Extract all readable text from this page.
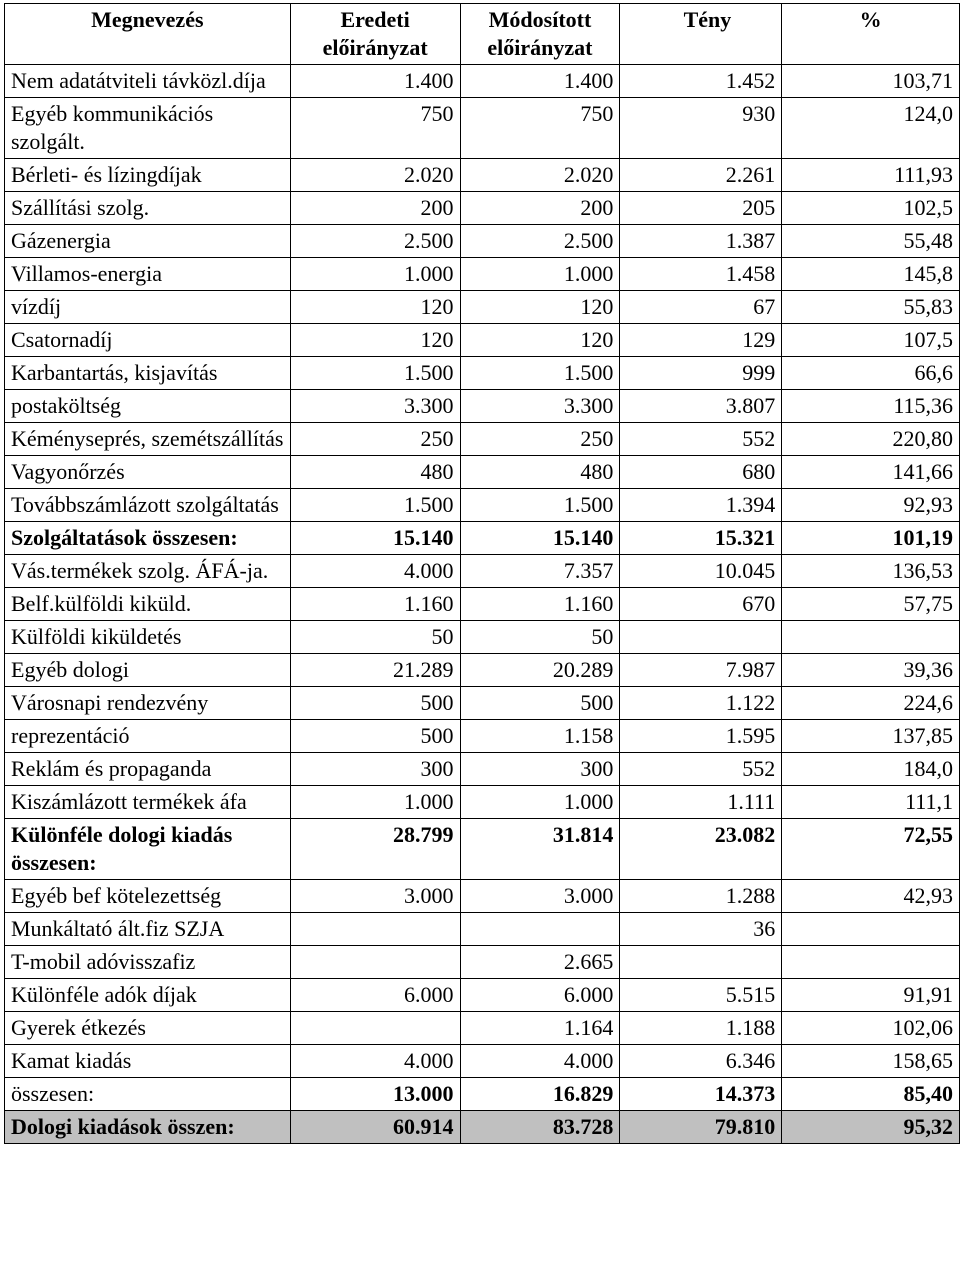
Megnevezés	Eredeti előirányzat	Módosított előirányzat	Tény	%
Nem adatátviteli távközl.díja	1.400	1.400	1.452	103,71
Egyéb kommunikációs szolgált.	750	750	930	124,0
Bérleti- és lízingdíjak	2.020	2.020	2.261	111,93
Szállítási szolg.	200	200	205	102,5
Gázenergia	2.500	2.500	1.387	55,48
Villamos-energia	1.000	1.000	1.458	145,8
vízdíj	120	120	67	55,83
Csatornadíj	120	120	129	107,5
Karbantartás, kisjavítás	1.500	1.500	999	66,6
postaköltség	3.300	3.300	3.807	115,36
Kéményseprés, szemétszállítás	250	250	552	220,80
Vagyonőrzés	480	480	680	141,66
Továbbszámlázott szolgáltatás	1.500	1.500	1.394	92,93
Szolgáltatások összesen:	15.140	15.140	15.321	101,19
Vás.termékek szolg. ÁFÁ-ja.	4.000	7.357	10.045	136,53
Belf.külföldi kiküld.	1.160	1.160	670	57,75
Külföldi kiküldetés	50	50		
Egyéb dologi	21.289	20.289	7.987	39,36
Városnapi rendezvény	500	500	1.122	224,6
reprezentáció	500	1.158	1.595	137,85
Reklám és propaganda	300	300	552	184,0
Kiszámlázott termékek áfa	1.000	1.000	1.111	111,1
Különféle dologi kiadás összesen:	28.799	31.814	23.082	72,55
Egyéb bef kötelezettség	3.000	3.000	1.288	42,93
Munkáltató ált.fiz SZJA			36	
T-mobil adóvisszafiz		2.665		
Különféle adók díjak	6.000	6.000	5.515	91,91
Gyerek étkezés		1.164	1.188	102,06
Kamat kiadás	4.000	4.000	6.346	158,65
összesen:	13.000	16.829	14.373	85,40
Dologi kiadások összen:	60.914	83.728	79.810	95,32
